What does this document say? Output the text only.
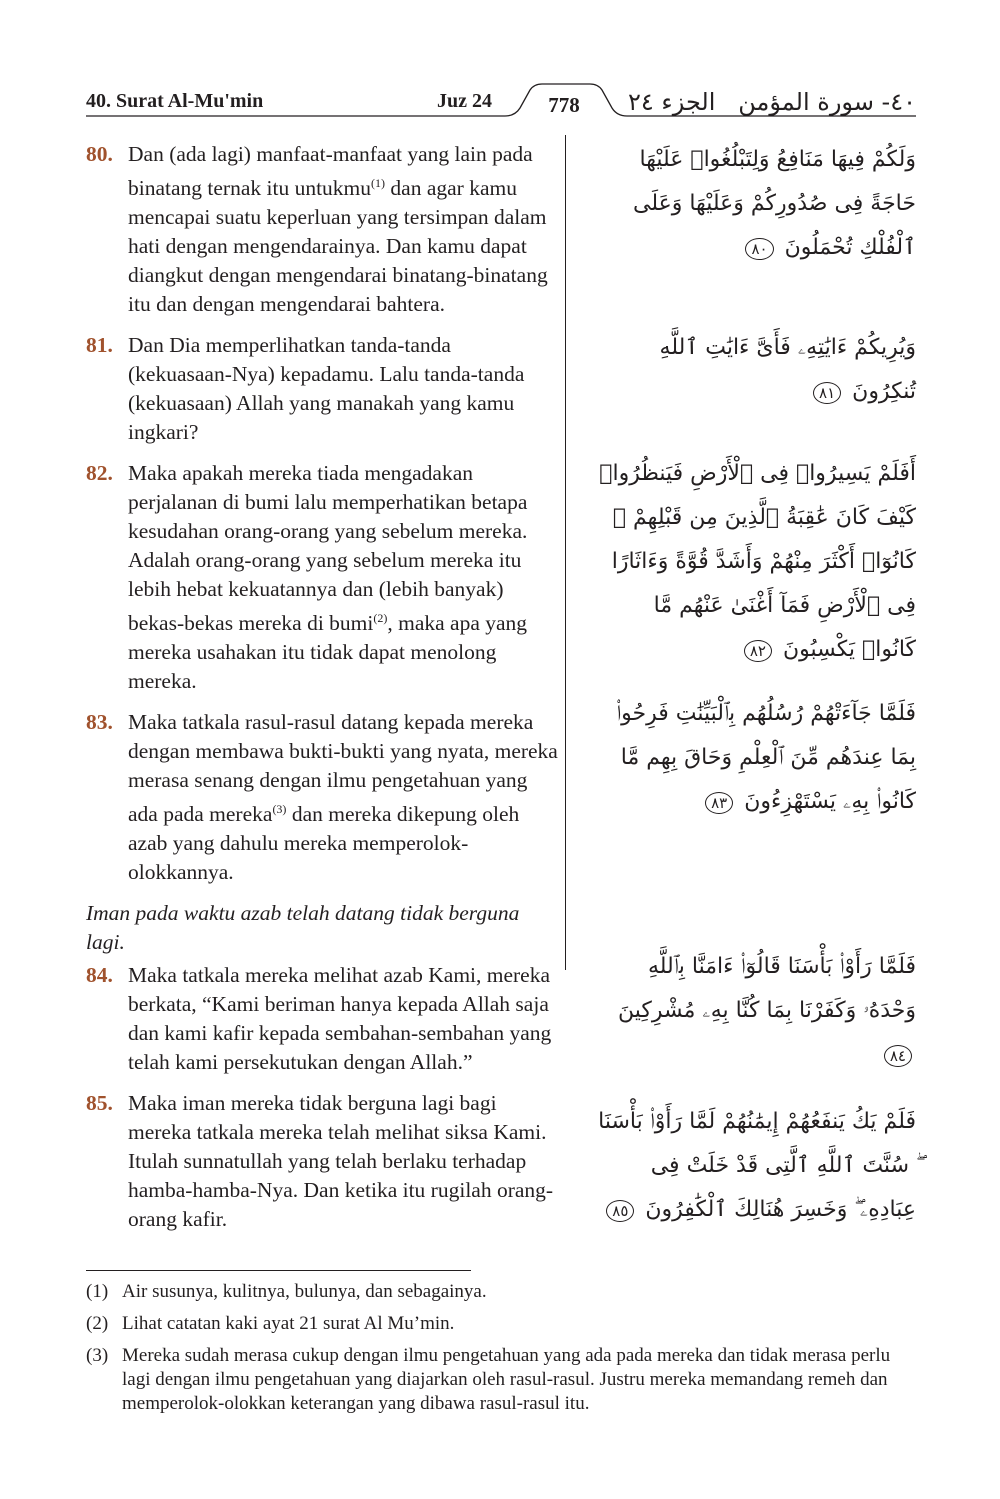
40. Surat Al-Mu'min	Juz 24	778	الجزء ٢٤ ٤٠- سورة المؤمن
80. Dan (ada lagi) manfaat-manfaat yang lain pada binatang ternak itu untukmu$^{(1)}$ dan agar kamu mencapai suatu keperluan yang tersimpan dalam hati dengan mengendarainya. Dan kamu dapat diangkut dengan mengendarai binatang-binatang itu dan dengan mengendarai bahtera.
81. Dan Dia memperlihatkan tanda-tanda (kekuasaan-Nya) kepadamu. Lalu tanda-tanda (kekuasaan) Allah yang manakah yang kamu ingkari?
82. Maka apakah mereka tiada mengadakan perjalanan di bumi lalu memperhatikan betapa kesudahan orang-orang yang sebelum mereka. Adalah orang-orang yang sebelum mereka itu lebih hebat kekuatannya dan (lebih banyak) bekas-bekas mereka di bumi$^{(2)}$, maka apa yang mereka usahakan itu tidak dapat menolong mereka.
83. Maka tatkala rasul-rasul datang kepada mereka dengan membawa bukti-bukti yang nyata, mereka merasa senang dengan ilmu pengetahuan yang ada pada mereka$^{(3)}$ dan mereka dikepung oleh azab yang dahulu mereka memperolok-olokkannya.
Iman pada waktu azab telah datang tidak berguna lagi.
84. Maka tatkala mereka melihat azab Kami, mereka berkata, “Kami beriman hanya kepada Allah saja dan kami kafir kepada sembahan-sembahan yang telah kami persekutukan dengan Allah.”
85. Maka iman mereka tidak berguna lagi bagi mereka tatkala mereka telah melihat siksa Kami. Itulah sunnatullah yang telah berlaku terhadap hamba-hamba-Nya. Dan ketika itu rugilah orang-orang kafir.
وَلَكُمْ فِيهَا مَنَافِعُ وَلِتَبْلُغُوا۟ عَلَيْهَا حَاجَةً فِى صُدُورِكُمْ وَعَلَيْهَا وَعَلَى ٱلْفُلْكِ تُحْمَلُونَ ٨٠
وَيُرِيكُمْ ءَايَٰتِهِۦ فَأَىَّ ءَايَٰتِ ٱللَّهِ تُنكِرُونَ ٨١
أَفَلَمْ يَسِيرُوا۟ فِى ٱلْأَرْضِ فَيَنظُرُوا۟ كَيْفَ كَانَ عَٰقِبَةُ ٱلَّذِينَ مِن قَبْلِهِمْ ۚ كَانُوٓا۟ أَكْثَرَ مِنْهُمْ وَأَشَدَّ قُوَّةً وَءَاثَارًا فِى ٱلْأَرْضِ فَمَآ أَغْنَىٰ عَنْهُم مَّا كَانُوا۟ يَكْسِبُونَ ٨٢
فَلَمَّا جَآءَتْهُمْ رُسُلُهُم بِٱلْبَيِّنَٰتِ فَرِحُوا۟ بِمَا عِندَهُم مِّنَ ٱلْعِلْمِ وَحَاقَ بِهِم مَّا كَانُوا۟ بِهِۦ يَسْتَهْزِءُونَ ٨٣
فَلَمَّا رَأَوْا۟ بَأْسَنَا قَالُوٓا۟ ءَامَنَّا بِٱللَّهِ وَحْدَهُۥ وَكَفَرْنَا بِمَا كُنَّا بِهِۦ مُشْرِكِينَ ٨٤
فَلَمْ يَكُ يَنفَعُهُمْ إِيمَٰنُهُمْ لَمَّا رَأَوْا۟ بَأْسَنَا ۖ سُنَّتَ ٱللَّهِ ٱلَّتِى قَدْ خَلَتْ فِى عِبَادِهِۦ ۖ وَخَسِرَ هُنَالِكَ ٱلْكَٰفِرُونَ ٨٥
(1) Air susunya, kulitnya, bulunya, dan sebagainya.
(2) Lihat catatan kaki ayat 21 surat Al Mu’min.
(3) Mereka sudah merasa cukup dengan ilmu pengetahuan yang ada pada mereka dan tidak merasa perlu lagi dengan ilmu pengetahuan yang diajarkan oleh rasul-rasul. Justru mereka memandang remeh dan memperolok-olokkan keterangan yang dibawa rasul-rasul itu.
